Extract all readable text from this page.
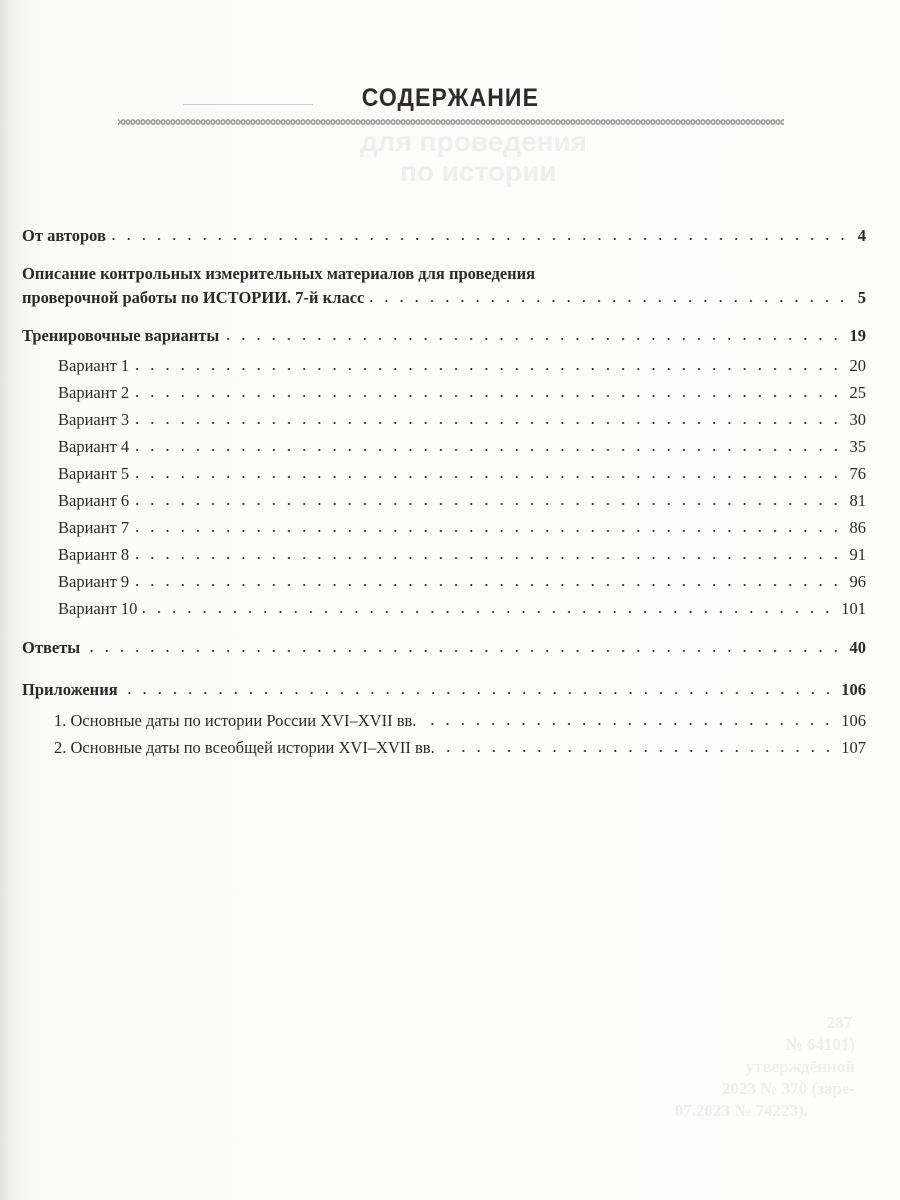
для проведения
по истории
287
№ 64101)
утверждённой
2023 № 370 (заре-
07.2023 № 74223).
СОДЕРЖАНИЕ
От авторов	4
Описание контрольных измерительных материалов для проведения
проверочной работы по ИСТОРИИ. 7-й класс	5
Тренировочные варианты	19
Вариант 1	20
Вариант 2	25
Вариант 3	30
Вариант 4	35
Вариант 5	76
Вариант 6	81
Вариант 7	86
Вариант 8	91
Вариант 9	96
Вариант 10	101
Ответы	40
Приложения	106
1. Основные даты по истории России XVI–XVII вв.	106
2. Основные даты по всеобщей истории XVI–XVII вв.	107
